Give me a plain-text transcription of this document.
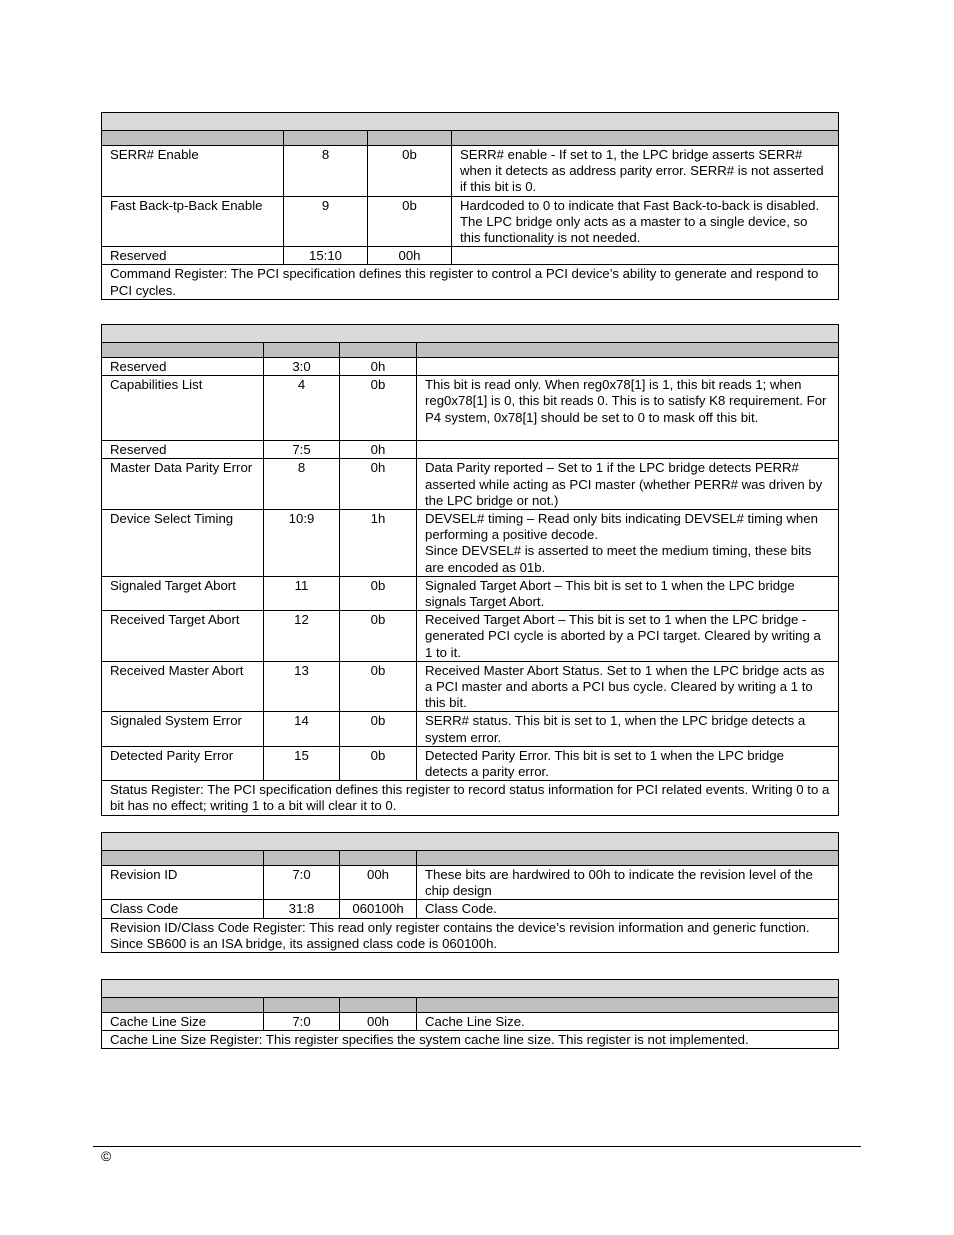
SERR# Enable	8	0b	SERR# enable - If set to 1, the LPC bridge asserts SERR# when it detects as address parity error. SERR# is not asserted if this bit is 0.
Fast Back-tp-Back Enable	9	0b	Hardcoded to 0 to indicate that Fast Back-to-back is disabled. The LPC bridge only acts as a master to a single device, so this functionality is not needed.
Reserved	15:10	00h	
Command Register: The PCI specification defines this register to control a PCI device’s ability to generate and respond to PCI cycles.			

Reserved	3:0	0h	
Capabilities List	4	0b	This bit is read only. When reg0x78[1] is 1, this bit reads 1; when reg0x78[1] is 0, this bit reads 0. This is to satisfy K8 requirement. For P4 system, 0x78[1] should be set to 0 to mask off this bit.
Reserved	7:5	0h	
Master Data Parity Error	8	0h	Data Parity reported – Set to 1 if the LPC bridge detects PERR# asserted while acting as PCI master (whether PERR# was driven by the LPC bridge or not.)
Device Select Timing	10:9	1h	DEVSEL# timing – Read only bits indicating DEVSEL# timing when performing a positive decode.
Since DEVSEL# is asserted to meet the medium timing, these bits are encoded as 01b.

Signaled Target Abort	11	0b	Signaled Target Abort – This bit is set to 1 when the LPC bridge signals Target Abort.
Received Target Abort	12	0b	Received Target Abort – This bit is set to 1 when the LPC bridge -generated PCI cycle is aborted by a PCI target. Cleared by writing a 1 to it.
Received Master Abort	13	0b	Received Master Abort Status. Set to 1 when the LPC bridge acts as a PCI master and aborts a PCI bus cycle. Cleared by writing a 1 to this bit.
Signaled System Error	14	0b	SERR# status. This bit is set to 1, when the LPC bridge detects a system error.
Detected Parity Error	15	0b	Detected Parity Error. This bit is set to 1 when the LPC bridge detects a parity error.
Status Register: The PCI specification defines this register to record status information for PCI related events. Writing 0 to a bit has no effect; writing 1 to a bit will clear it to 0.			

Revision ID	7:0	00h	These bits are hardwired to 00h to indicate the revision level of the chip design
Class Code	31:8	060100h	Class Code.
Revision ID/Class Code Register: This read only register contains the device’s revision information and generic function. Since SB600 is an ISA bridge, its assigned class code is 060100h.			

Cache Line Size	7:0	00h	Cache Line Size.
Cache Line Size Register: This register specifies the system cache line size. This register is not implemented.			
©
